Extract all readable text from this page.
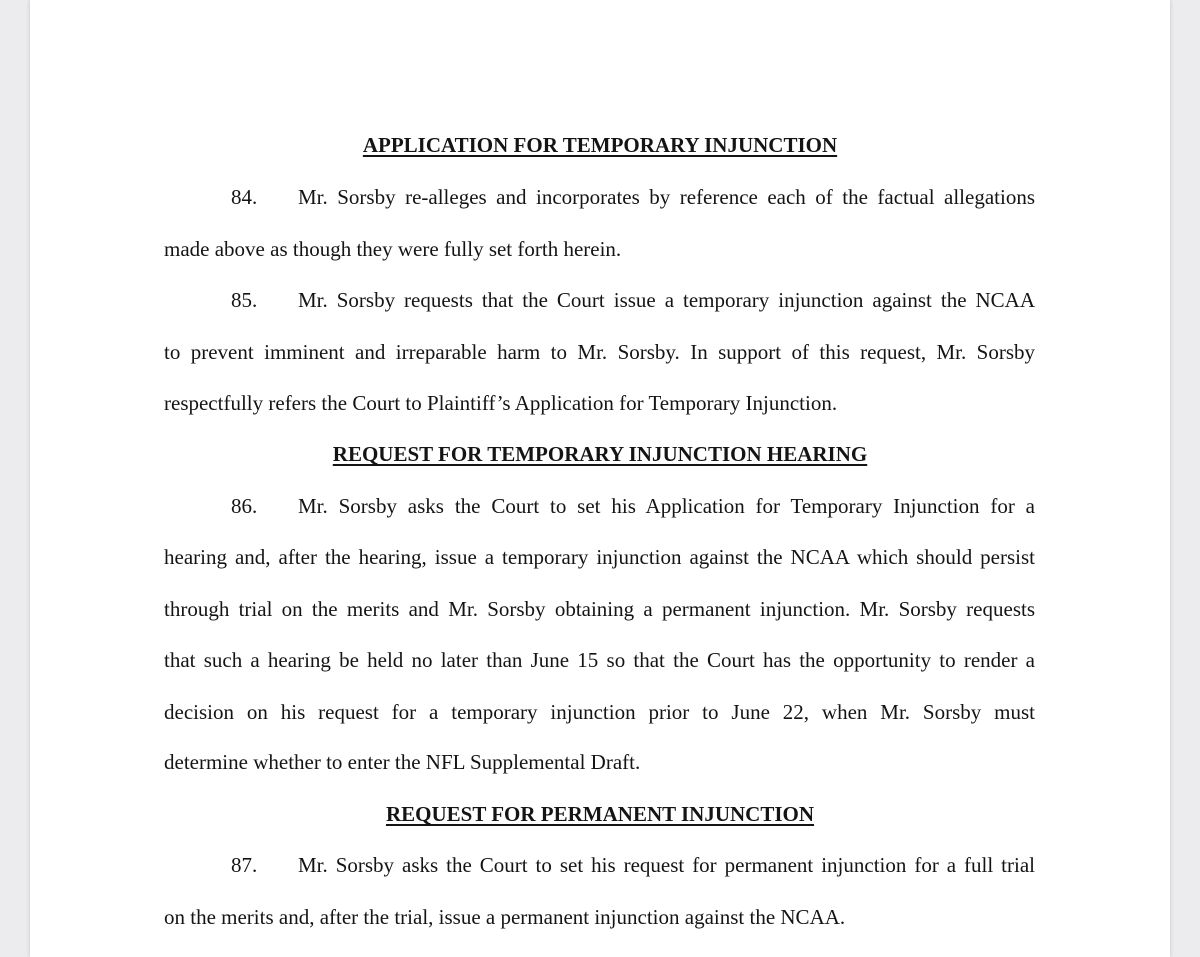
APPLICATION FOR TEMPORARY INJUNCTION
84. Mr. Sorsby re-alleges and incorporates by reference each of the factual allegations
made above as though they were fully set forth herein.
85. Mr. Sorsby requests that the Court issue a temporary injunction against the NCAA
to prevent imminent and irreparable harm to Mr. Sorsby. In support of this request, Mr. Sorsby
respectfully refers the Court to Plaintiff’s Application for Temporary Injunction.
REQUEST FOR TEMPORARY INJUNCTION HEARING
86. Mr. Sorsby asks the Court to set his Application for Temporary Injunction for a
hearing and, after the hearing, issue a temporary injunction against the NCAA which should persist
through trial on the merits and Mr. Sorsby obtaining a permanent injunction. Mr. Sorsby requests
that such a hearing be held no later than June 15 so that the Court has the opportunity to render a
decision on his request for a temporary injunction prior to June 22, when Mr. Sorsby must
determine whether to enter the NFL Supplemental Draft.
REQUEST FOR PERMANENT INJUNCTION
87. Mr. Sorsby asks the Court to set his request for permanent injunction for a full trial
on the merits and, after the trial, issue a permanent injunction against the NCAA.
